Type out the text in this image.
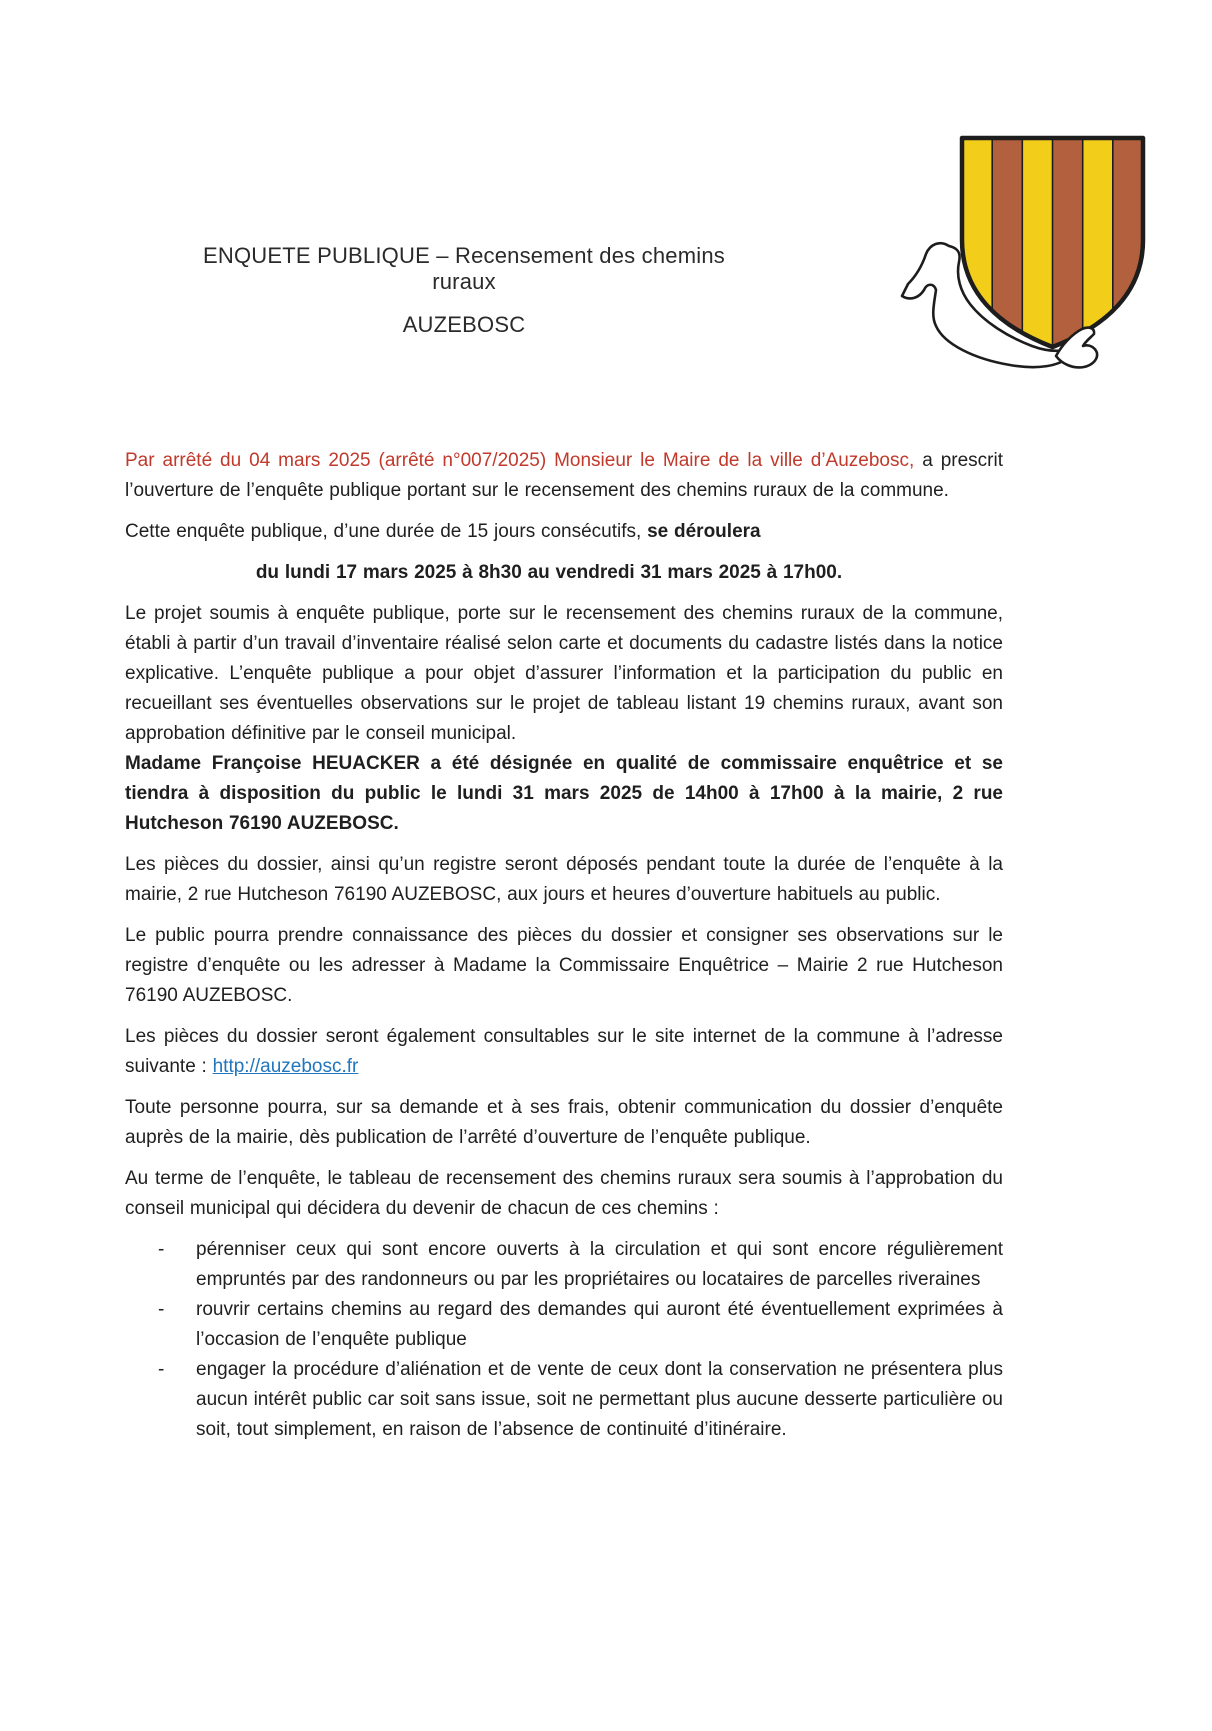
ENQUETE PUBLIQUE – Recensement des chemins ruraux
AUZEBOSC

Par arrêté du 04 mars 2025 (arrêté n°007/2025) Monsieur le Maire de la ville d’Auzebosc, a prescrit l’ouverture de l’enquête publique portant sur le recensement des chemins ruraux de la commune.

Cette enquête publique, d’une durée de 15 jours consécutifs, se déroulera

du lundi 17 mars 2025 à 8h30 au vendredi 31 mars 2025 à 17h00.

Le projet soumis à enquête publique, porte sur le recensement des chemins ruraux de la commune, établi à partir d’un travail d’inventaire réalisé selon carte et documents du cadastre listés dans la notice explicative. L’enquête publique a pour objet d’assurer l’information et la participation du public en recueillant ses éventuelles observations sur le projet de tableau listant 19 chemins ruraux, avant son approbation définitive par le conseil municipal.
Madame Françoise HEUACKER a été désignée en qualité de commissaire enquêtrice et se tiendra à disposition du public le lundi 31 mars 2025 de 14h00 à 17h00 à la mairie, 2 rue Hutcheson 76190 AUZEBOSC.

Les pièces du dossier, ainsi qu’un registre seront déposés pendant toute la durée de l’enquête à la mairie, 2 rue Hutcheson 76190 AUZEBOSC, aux jours et heures d’ouverture habituels au public.

Le public pourra prendre connaissance des pièces du dossier et consigner ses observations sur le registre d’enquête ou les adresser à Madame la Commissaire Enquêtrice – Mairie 2 rue Hutcheson 76190 AUZEBOSC.

Les pièces du dossier seront également consultables sur le site internet de la commune à l’adresse suivante : http://auzebosc.fr

Toute personne pourra, sur sa demande et à ses frais, obtenir communication du dossier d’enquête auprès de la mairie, dès publication de l’arrêté d’ouverture de l’enquête publique.

Au terme de l’enquête, le tableau de recensement des chemins ruraux sera soumis à l’approbation du conseil municipal qui décidera du devenir de chacun de ces chemins :

-	pérenniser ceux qui sont encore ouverts à la circulation et qui sont encore régulièrement empruntés par des randonneurs ou par les propriétaires ou locataires de parcelles riveraines
-	rouvrir certains chemins au regard des demandes qui auront été éventuellement exprimées à l’occasion de l’enquête publique
-	engager la procédure d’aliénation et de vente de ceux dont la conservation ne présentera plus aucun intérêt public car soit sans issue, soit ne permettant plus aucune desserte particulière ou soit, tout simplement, en raison de l’absence de continuité d’itinéraire.
